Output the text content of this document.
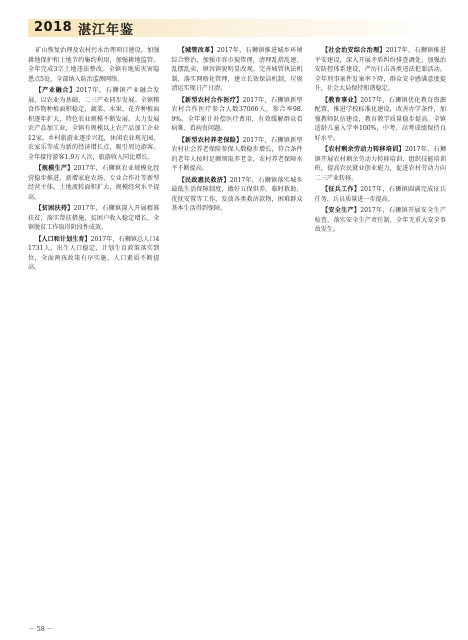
2018 湛江年鉴

矿山恢复治理及农村污水治理项目建设。加强耕地保护和土地节约集约利用，加强耕地监管。全年完成3宗土地违法整改。全镇有地质灾害隐患点5处，全部纳入防治监测网络。

【产业融合】2017年，石狮镇产业融合发展，以农业为基础，二三产业同步发展。全镇粮食作物种植面积稳定，蔬菜、水果、花卉种植面积逐年扩大，特色农业规模不断发展。大力发展农产品加工业，全镇有规模以上农产品加工企业12家。乡村旅游业逐步兴起，休闲农业观光园、农家乐等成为新的经济增长点，吸引周边游客。全年接待游客1.9万人次，旅游收入同比增长。

【规模生产】2017年，石狮镇农业规模化经营稳步推进，新增家庭农场、专业合作社等新型经营主体。土地流转面积扩大，规模经营水平提高。

【贫困扶持】2017年，石狮镇深入开展精准扶贫，落实帮扶措施，贫困户收入稳定增长，全镇脱贫工作取得阶段性成效。

【人口和计划生育】2017年，石狮镇总人口41731人，出生人口稳定，计划生育政策落实到位，全面两孩政策有序实施，人口素质不断提高。

【城管改革】2017年，石狮镇推进城乡环境综合整治，加强市容市貌管理，清理乱搭乱建、乱摆乱卖，镇容镇貌明显改观。完善城管执法机制，落实网格化管理，建立长效保洁机制，垃圾清运实现日产日清。

【新型农村合作医疗】2017年，石狮镇新型农村合作医疗参合人数37066人，参合率98.9%。全年累计补偿医疗费用，有效缓解群众看病难、看病贵问题。

【新型农村养老保险】2017年，石狮镇新型农村社会养老保险参保人数稳步增长，符合条件的老年人按时足额领取养老金，农村养老保障水平不断提高。

【民政惠民救济】2017年，石狮镇落实城乡最低生活保障制度，做好五保供养、临时救助、优抚安置等工作，发放各类救济款物，困难群众基本生活得到保障。

【社会治安综合治理】2017年，石狮镇推进平安建设，深入开展矛盾纠纷排查调处，加强治安防控体系建设，严厉打击各类违法犯罪活动。全年刑事案件发案率下降，群众安全感满意度提升，社会大局保持和谐稳定。

【教育事业】2017年，石狮镇优化教育资源配置，推进学校标准化建设，改善办学条件，加强教师队伍建设，教育教学质量稳步提高。全镇适龄儿童入学率100%，中考、高考成绩保持良好水平。

【农村剩余劳动力转移培训】2017年，石狮镇开展农村剩余劳动力转移培训，组织技能培训班，提高农民就业创业能力，促进农村劳动力向二三产业转移。

【征兵工作】2017年，石狮镇圆满完成征兵任务，兵员质量进一步提高。

【安全生产】2017年，石狮镇开展安全生产检查，落实安全生产责任制，全年无重大安全事故发生。

－ 58 －
